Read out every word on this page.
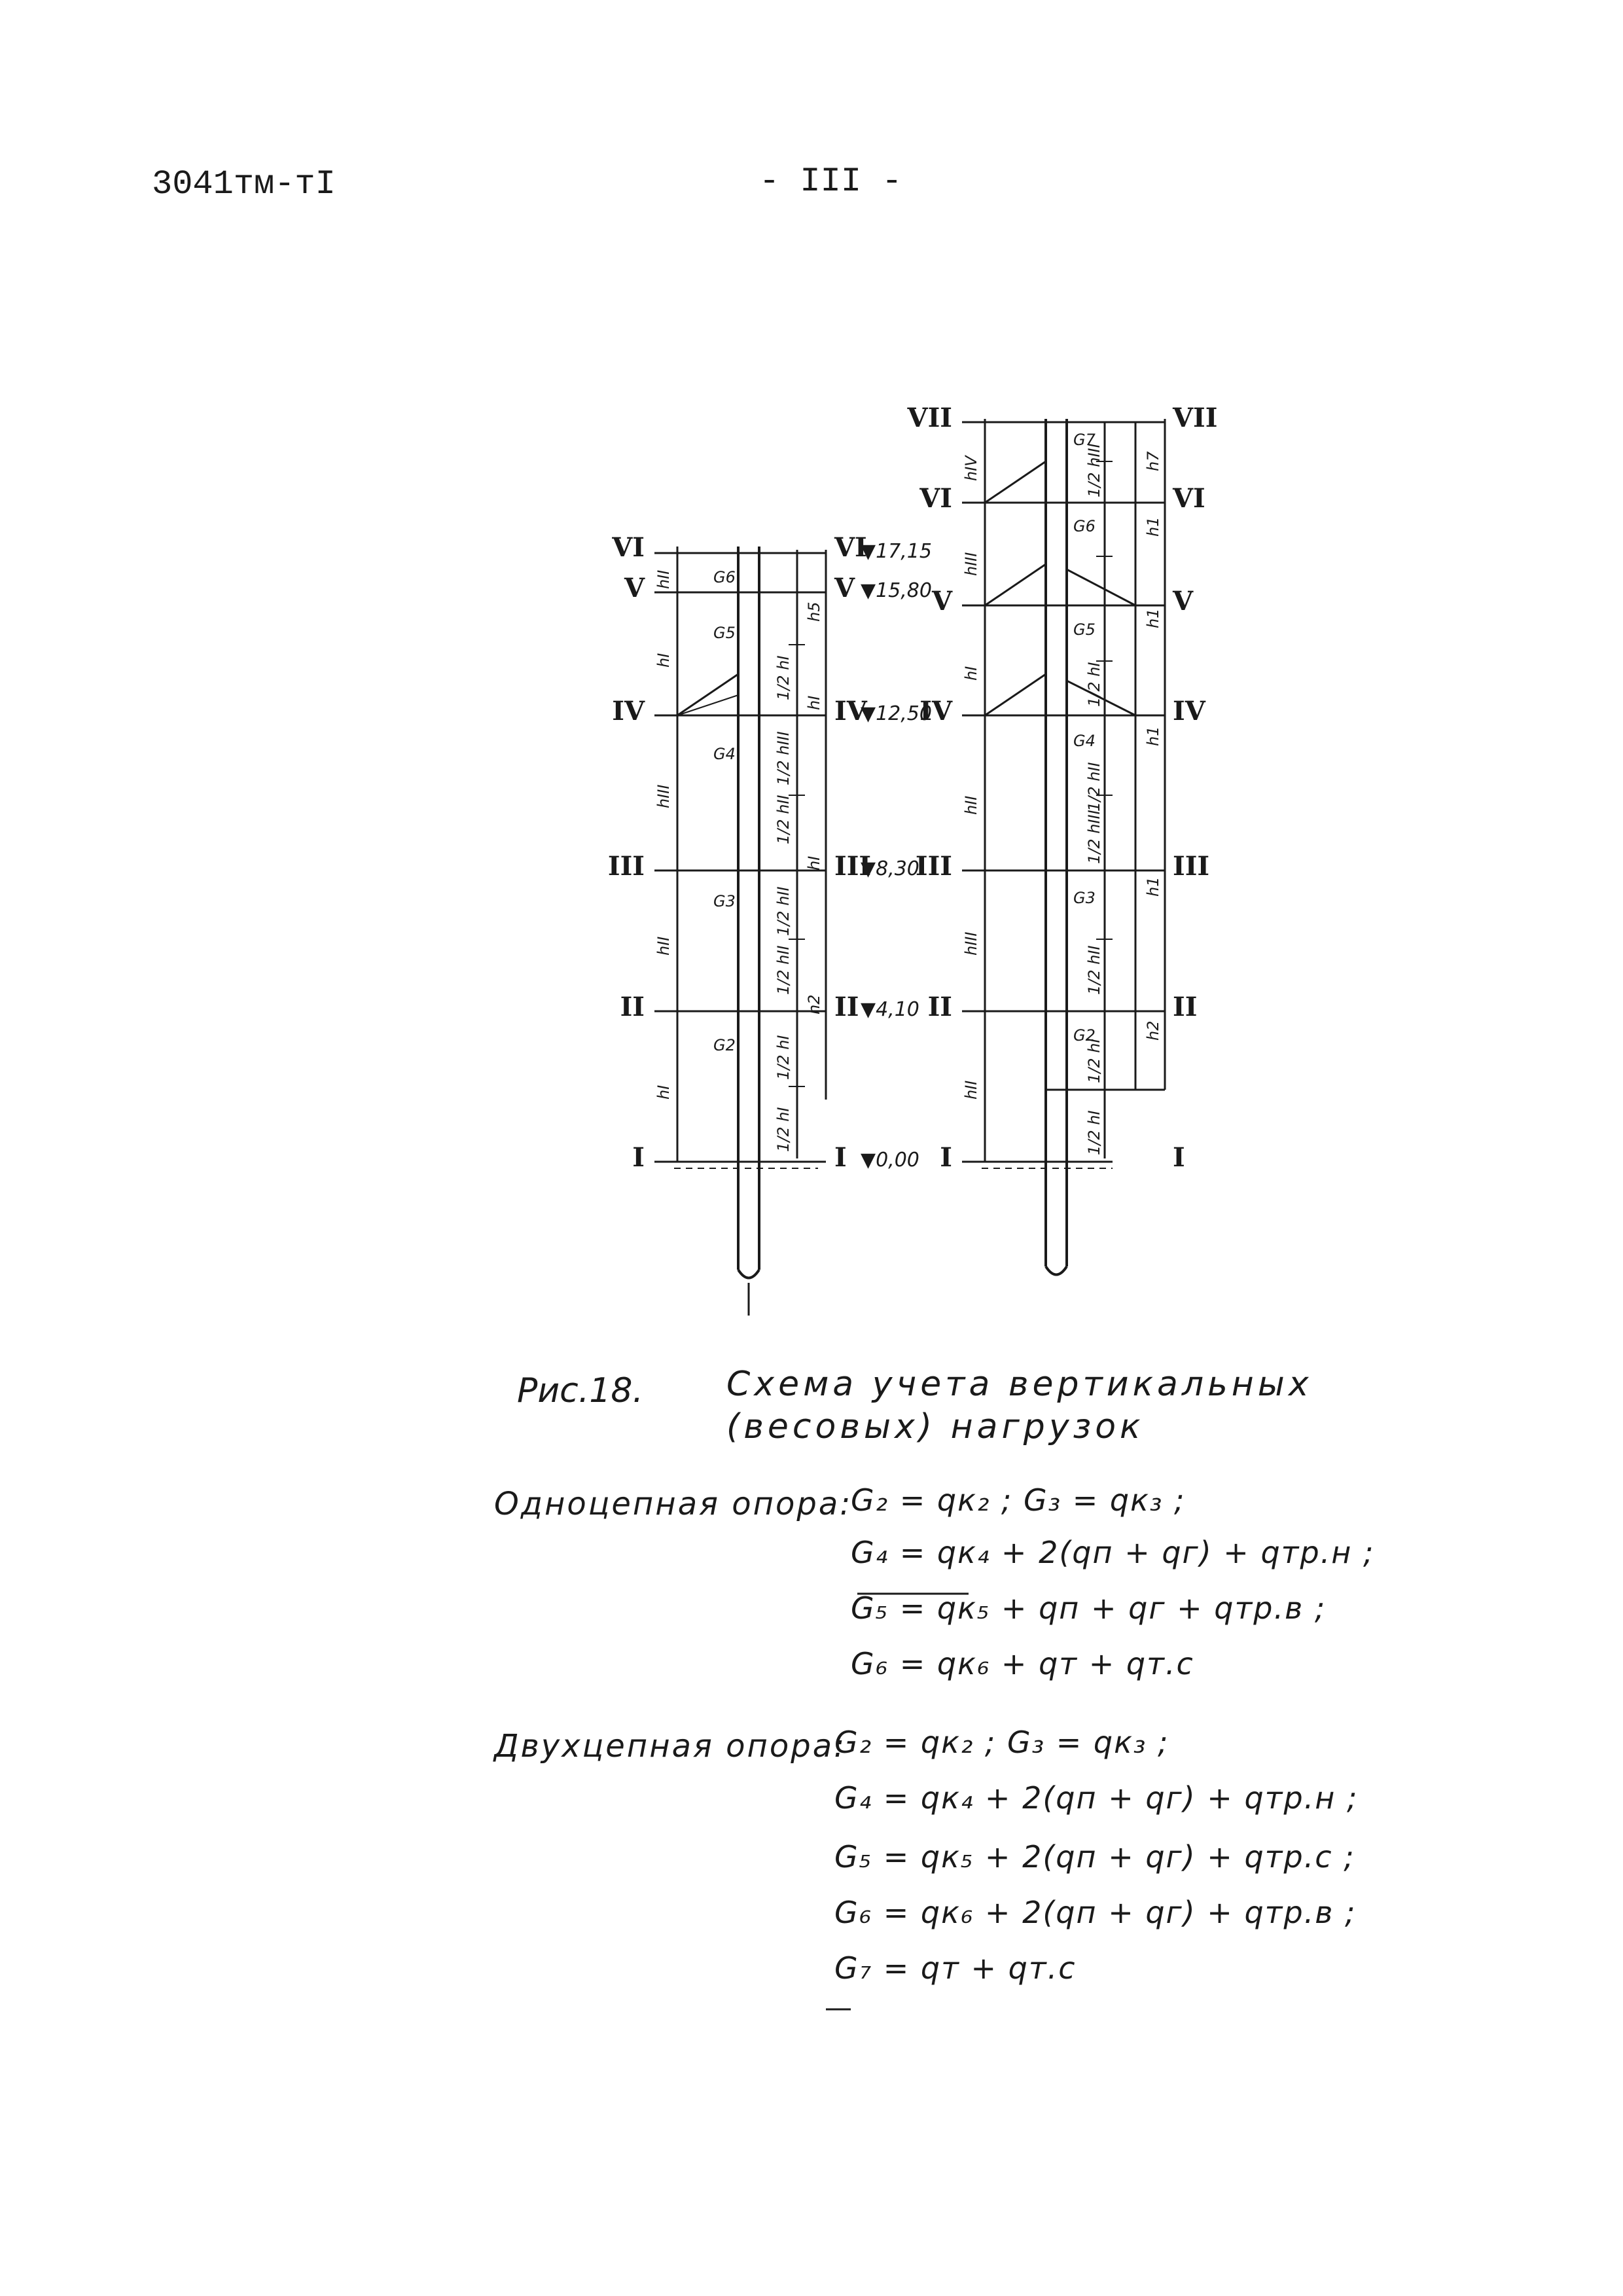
3041тм-тI	- III -
VI
V
IV
III
II
I
VI
V
IV
III
II
I
▼17,15
▼15,80
▼12,50
▼8,30
▼4,10
▼0,00
hII
hI
hIII
hII
hI
h5
hI
hI
h2
G6
G5
G4
G3
G2
1/2 hI
1/2 hII
1/2 hIII
1/2 hII
1/2 hII
1/2 hI
1/2 hI
VII
VI
V
IV
III
II
I
VII
VI
V
IV
III
II
I
hIV
hIII
hI
hII
hIII
hII
h7
h1
h1
h1
h1
h2
G7
G6
G5
G4
G3
G2
1/2 hIII
1/2 hII
1/2 hI
1/2 hIII
1/2 hII
1/2 hI
1/2 hI
Рис.18. Схема учета вертикальных
(весовых) нагрузок
Одноцепная опора:
G₂ = qк₂ ; G₃ = qк₃ ;
G₄ = qк₄ + 2(qп + qг) + qтр.н ;
G₅ = qк₅ + qп + qг + qтр.в ;
G₆ = qк₆ + qт + qт.с
Двухцепная опора:
G₂ = qк₂ ; G₃ = qк₃ ;
G₄ = qк₄ + 2(qп + qг) + qтр.н ;
G₅ = qк₅ + 2(qп + qг) + qтр.с ;
G₆ = qк₆ + 2(qп + qг) + qтр.в ;
G₇ = qт + qт.с
